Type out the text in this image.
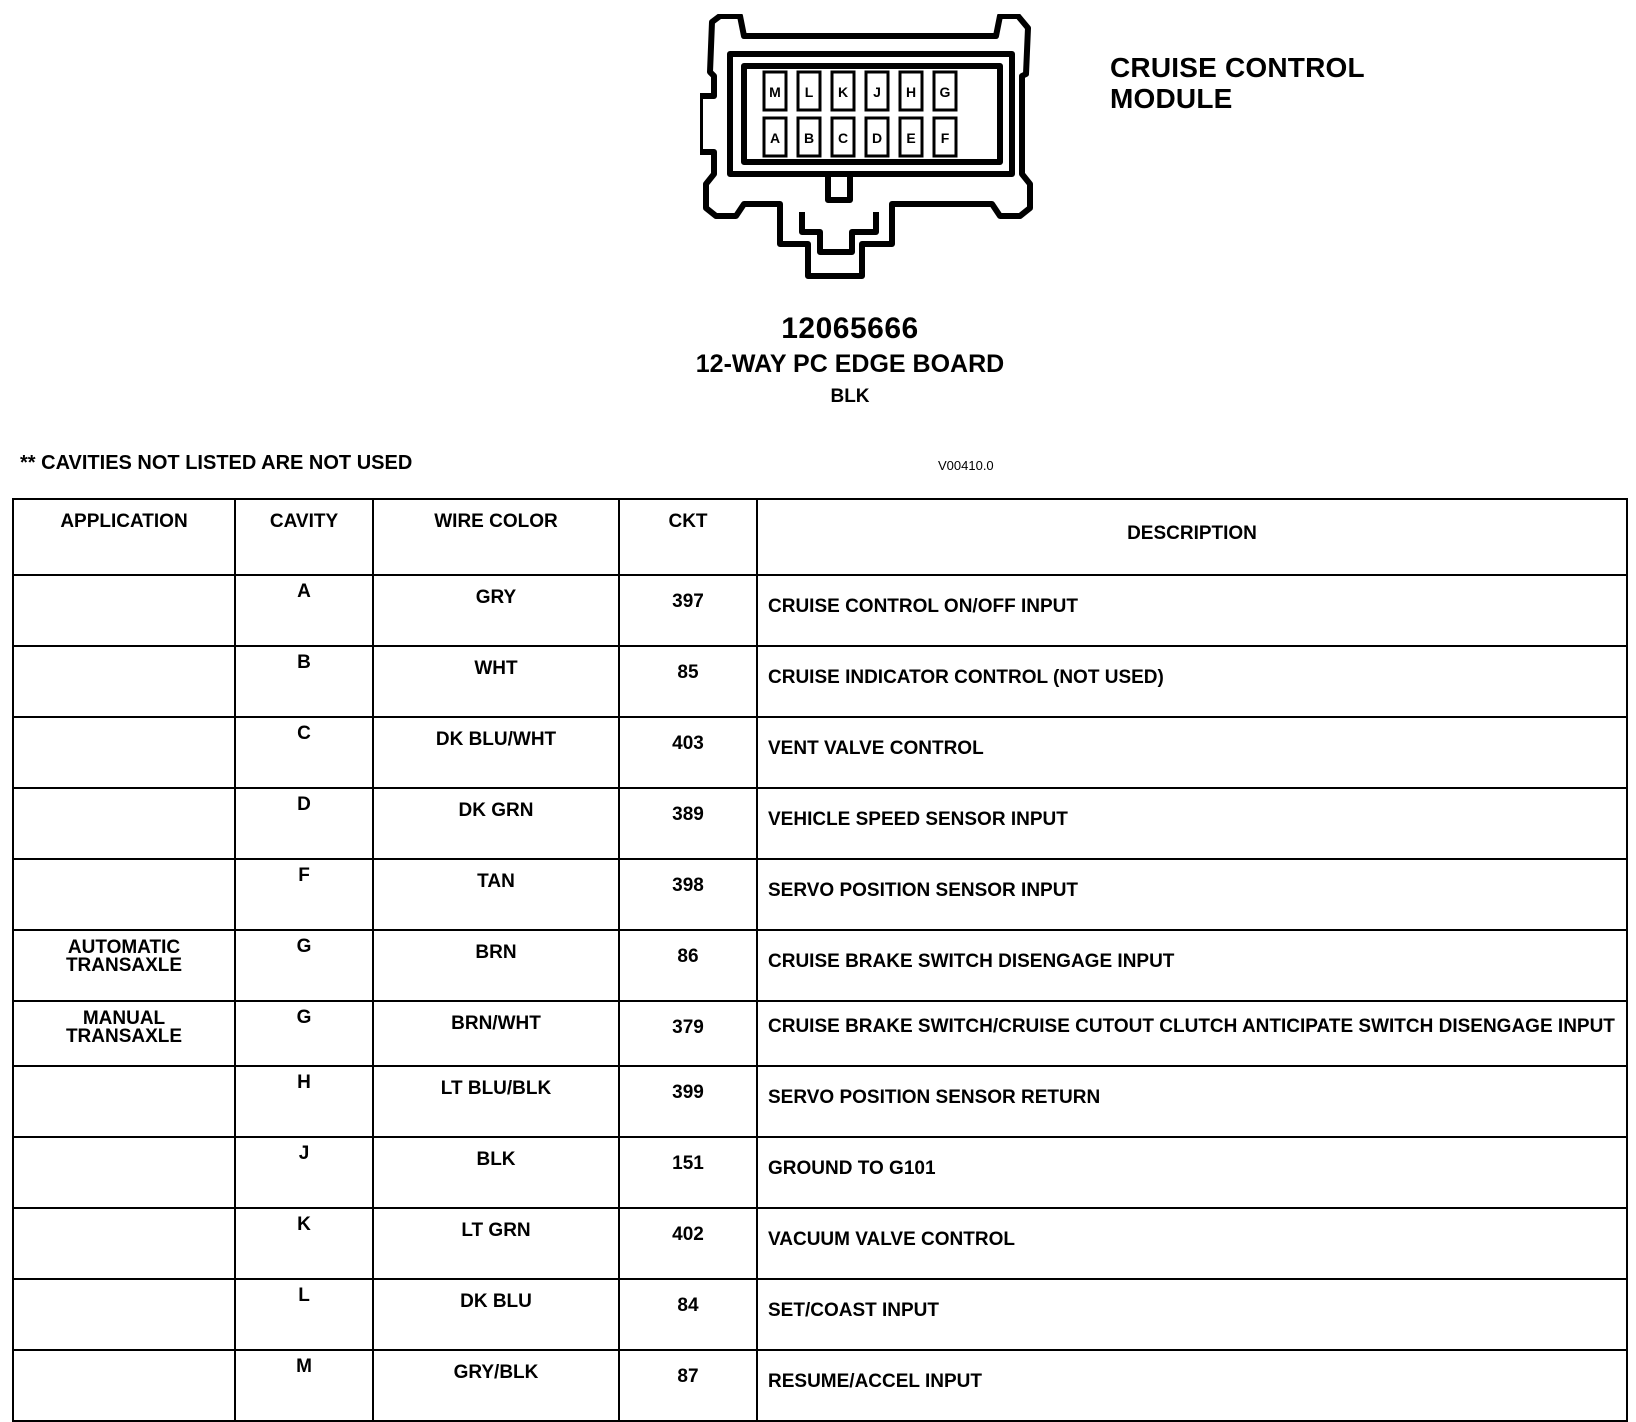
M L K J H G
A B C D E F
CRUISE CONTROL
MODULE
12065666
12-WAY PC EDGE BOARD
BLK
** CAVITIES NOT LISTED ARE NOT USED	V00410.0
APPLICATION	CAVITY	WIRE COLOR	CKT	DESCRIPTION

	A	GRY	397	CRUISE CONTROL ON/OFF INPUT

	B	WHT	85	CRUISE INDICATOR CONTROL (NOT USED)

	C	DK BLU/WHT	403	VENT VALVE CONTROL

	D	DK GRN	389	VEHICLE SPEED SENSOR INPUT

	F	TAN	398	SERVO POSITION SENSOR INPUT

AUTOMATIC
TRANSAXLE	G	BRN	86	CRUISE BRAKE SWITCH DISENGAGE INPUT

MANUAL
TRANSAXLE	G	BRN/WHT	379	CRUISE BRAKE SWITCH/CRUISE CUTOUT CLUTCH ANTICIPATE SWITCH DISENGAGE INPUT

	H	LT BLU/BLK	399	SERVO POSITION SENSOR RETURN

	J	BLK	151	GROUND TO G101

	K	LT GRN	402	VACUUM VALVE CONTROL

	L	DK BLU	84	SET/COAST INPUT

	M	GRY/BLK	87	RESUME/ACCEL INPUT
